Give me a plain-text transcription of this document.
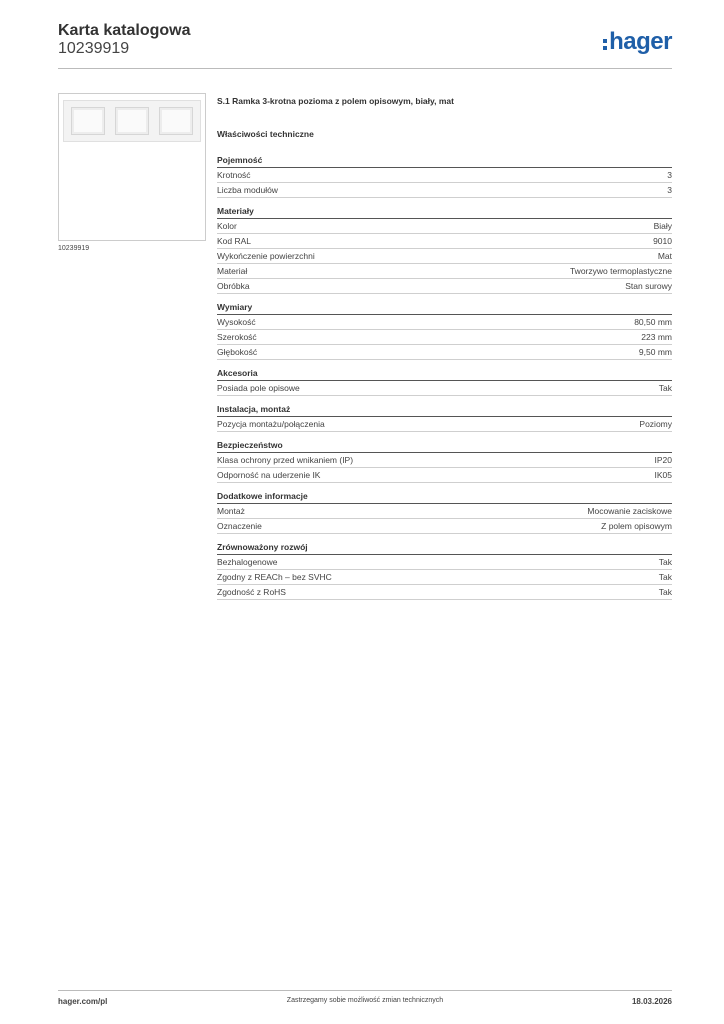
Karta katalogowa
10239919	hager
10239919
S.1 Ramka 3-krotna pozioma z polem opisowym, biały, mat
Właściwości techniczne
Pojemność
Krotność	3
Liczba modułów	3
Materiały
Kolor	Biały
Kod RAL	9010
Wykończenie powierzchni	Mat
Materiał	Tworzywo termoplastyczne
Obróbka	Stan surowy
Wymiary
Wysokość	80,50 mm
Szerokość	223 mm
Głębokość	9,50 mm
Akcesoria
Posiada pole opisowe	Tak
Instalacja, montaż
Pozycja montażu/połączenia	Poziomy
Bezpieczeństwo
Klasa ochrony przed wnikaniem (IP)	IP20
Odporność na uderzenie IK	IK05
Dodatkowe informacje
Montaż	Mocowanie zaciskowe
Oznaczenie	Z polem opisowym
Zrównoważony rozwój
Bezhalogenowe	Tak
Zgodny z REACh – bez SVHC	Tak
Zgodność z RoHS	Tak
hager.com/pl	Zastrzegamy sobie możliwość zmian technicznych	18.03.2026
